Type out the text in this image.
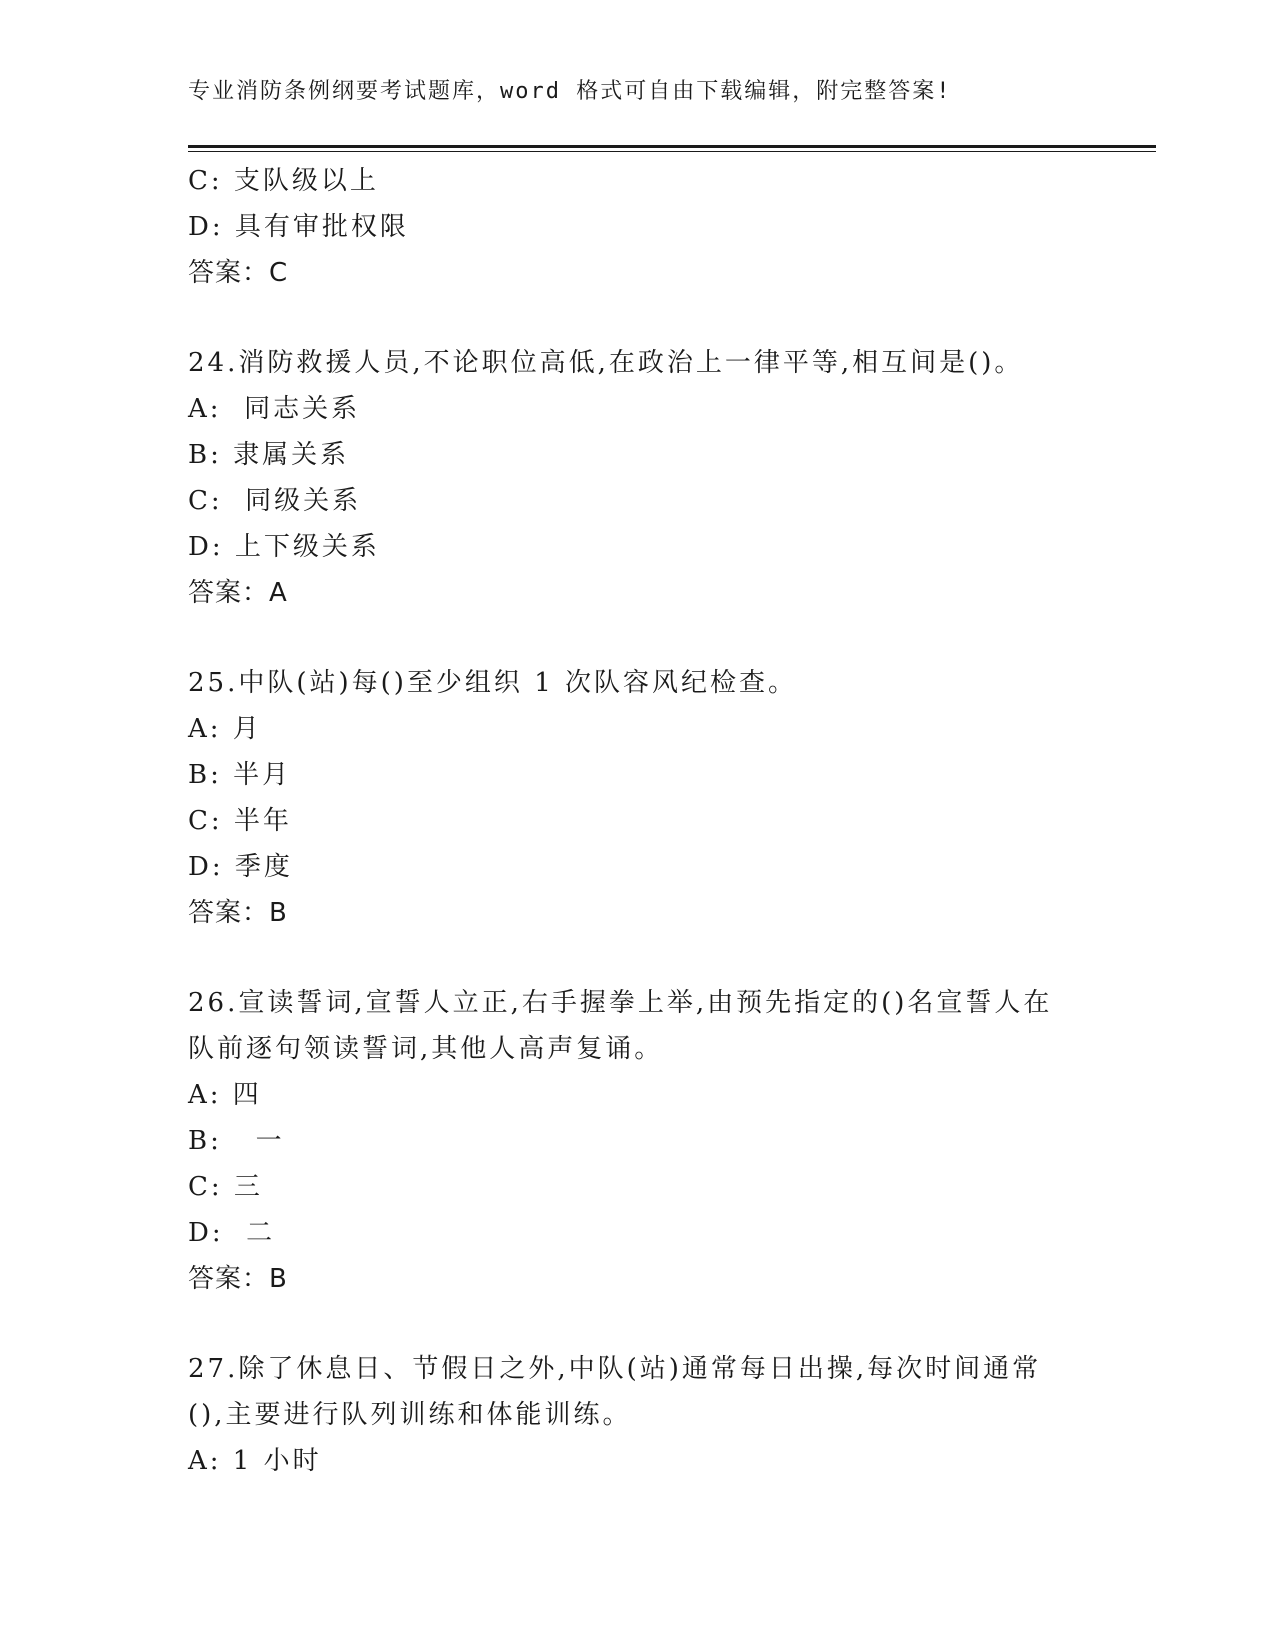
专业消防条例纲要考试题库，word 格式可自由下载编辑，附完整答案!
C: 支队级以上
D: 具有审批权限
答案：C
24.消防救援人员,不论职位高低,在政治上一律平等,相互间是()。
A:  同志关系
B: 隶属关系
C:  同级关系
D: 上下级关系
答案：A
25.中队(站)每()至少组织 1 次队容风纪检查。
A: 月
B: 半月
C: 半年
D: 季度
答案：B
26.宣读誓词,宣誓人立正,右手握拳上举,由预先指定的()名宣誓人在
队前逐句领读誓词,其他人高声复诵。
A: 四
B:   一
C: 三
D:  二
答案：B
27.除了休息日、节假日之外,中队(站)通常每日出操,每次时间通常
(),主要进行队列训练和体能训练。
A: 1 小时
